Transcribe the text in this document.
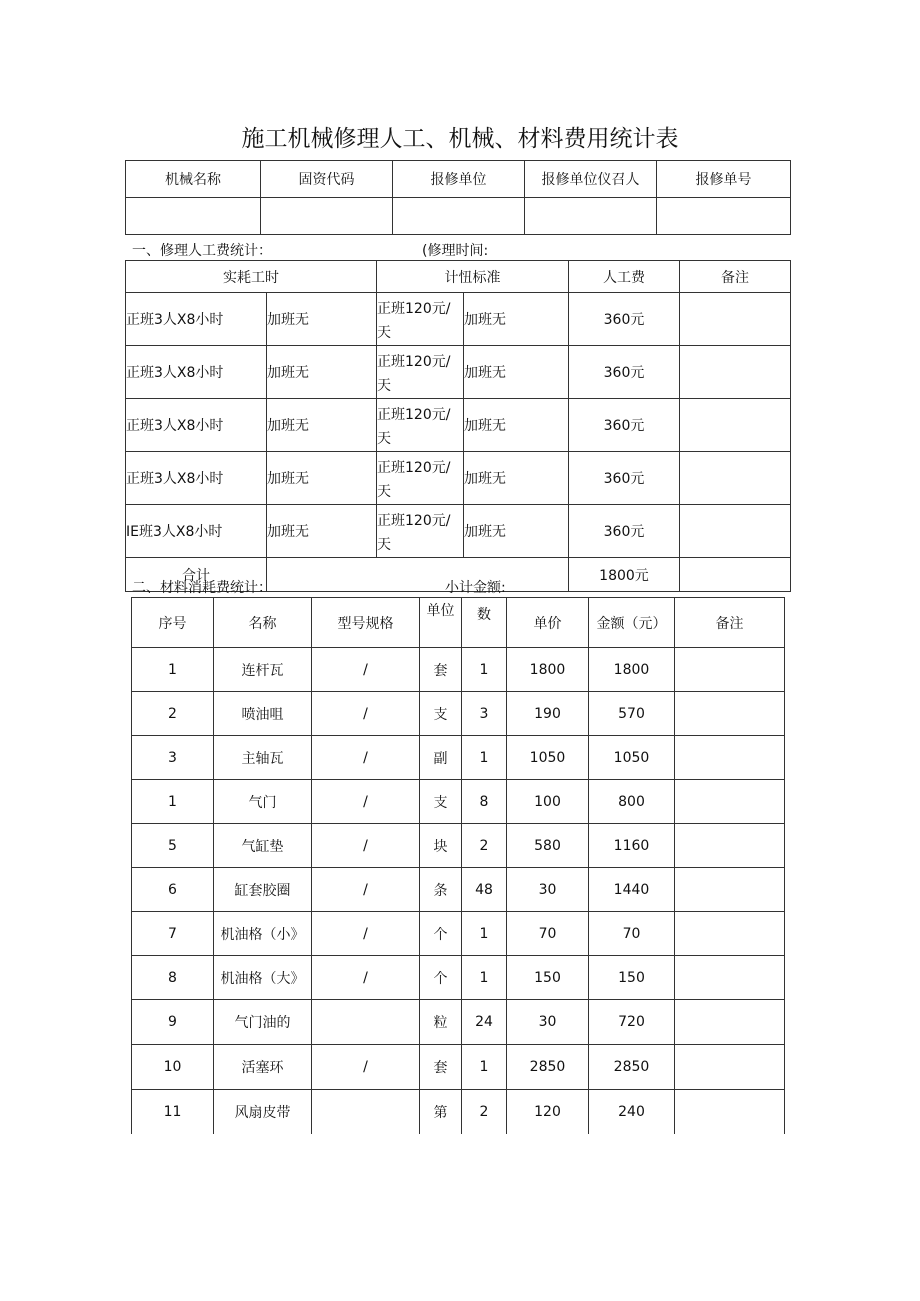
施工机械修理人工、机械、材料费用统计表
机械名称	固资代码	报修单位	报修单位仪召人	报修单号

一、修理人工费统计：	(修理时间:
实耗工时		计忸标准		人工费	备注
正班3人X8小时	加班无	正班120元/天	加班无	360元	
正班3人X8小时	加班无	正班120元/天	加班无	360元	
正班3人X8小时	加班无	正班120元/天	加班无	360元	
正班3人X8小时	加班无	正班120元/天	加班无	360元	
IE班3人X8小时	加班无	正班120元/天	加班无	360元	
合计				1800元	
二、材料消耗费统计：	小计金额:
序号	名称	型号规格	单位	数	单价	金额（元）	备注
1	连杆瓦	/	套	1	1800	1800	
2	喷油咀	/	支	3	190	570	
3	主轴瓦	/	副	1	1050	1050	
1	气门	/	支	8	100	800	
5	气缸垫	/	块	2	580	1160	
6	缸套胶圈	/	条	48	30	1440	
7	机油格（小》	/	个	1	70	70	
8	机油格（大》	/	个	1	150	150	
9	气门油的		粒	24	30	720	
10	活塞环	/	套	1	2850	2850	
11	风扇皮带		第	2	120	240	
